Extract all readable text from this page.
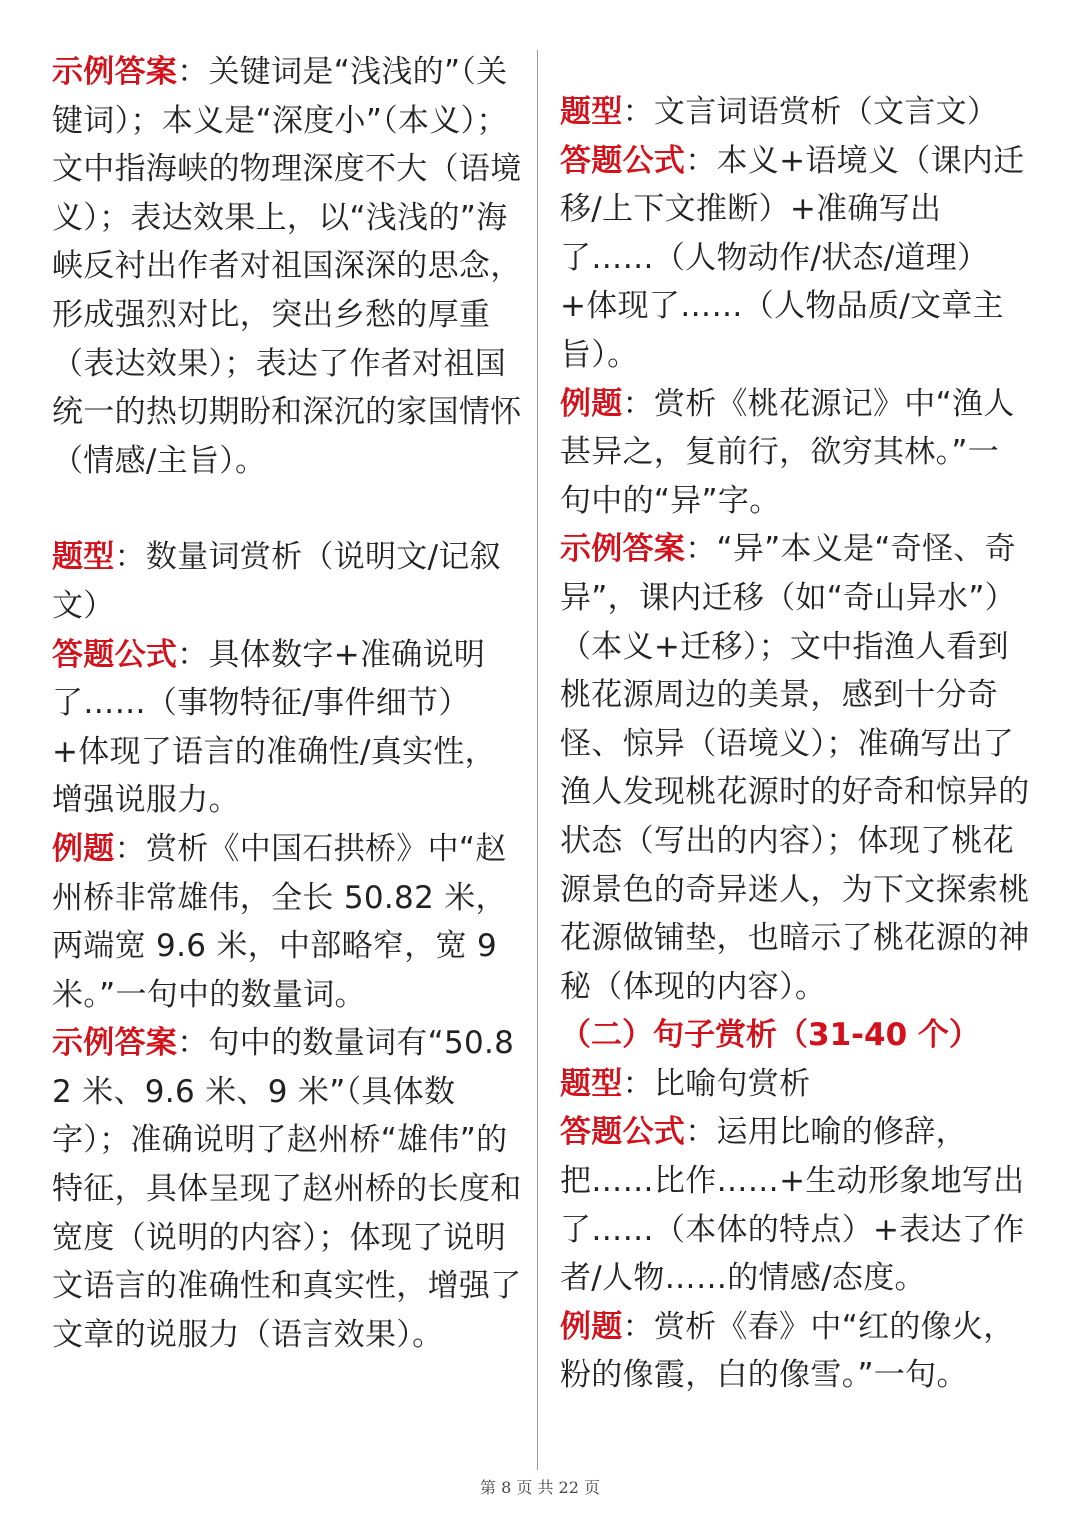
示例答案：关键词是“浅浅的”（关键词）；本义是“深度小”（本义）；文中指海峡的物理深度不大（语境义）；表达效果上，以“浅浅的”海峡反衬出作者对祖国深深的思念，形成强烈对比，突出乡愁的厚重（表达效果）；表达了作者对祖国统一的热切期盼和深沉的家国情怀（情感/主旨）。

题型：数量词赏析（说明文/记叙文）

答题公式：具体数字+准确说明了……（事物特征/事件细节）+体现了语言的准确性/真实性，增强说服力。

例题：赏析《中国石拱桥》中“赵州桥非常雄伟，全长 50.82 米，两端宽 9.6 米，中部略窄，宽 9 米。”一句中的数量词。

示例答案：句中的数量词有“50.82 米、9.6 米、9 米”（具体数字）；准确说明了赵州桥“雄伟”的特征，具体呈现了赵州桥的长度和宽度（说明的内容）；体现了说明文语言的准确性和真实性，增强了文章的说服力（语言效果）。

题型：文言词语赏析（文言文）

答题公式：本义+语境义（课内迁移/上下文推断）+准确写出了……（人物动作/状态/道理）+体现了……（人物品质/文章主旨）。

例题：赏析《桃花源记》中“渔人甚异之，复前行，欲穷其林。”一句中的“异”字。

示例答案：“异”本义是“奇怪、奇异”，课内迁移（如“奇山异水”）（本义+迁移）；文中指渔人看到桃花源周边的美景，感到十分奇怪、惊异（语境义）；准确写出了渔人发现桃花源时的好奇和惊异的状态（写出的内容）；体现了桃花源景色的奇异迷人，为下文探索桃花源做铺垫，也暗示了桃花源的神秘（体现的内容）。

（二）句子赏析（31-40 个）

题型：比喻句赏析

答题公式：运用比喻的修辞，把……比作……+生动形象地写出了……（本体的特点）+表达了作者/人物……的情感/态度。

例题：赏析《春》中“红的像火，粉的像霞，白的像雪。”一句。

第 8 页 共 22 页
